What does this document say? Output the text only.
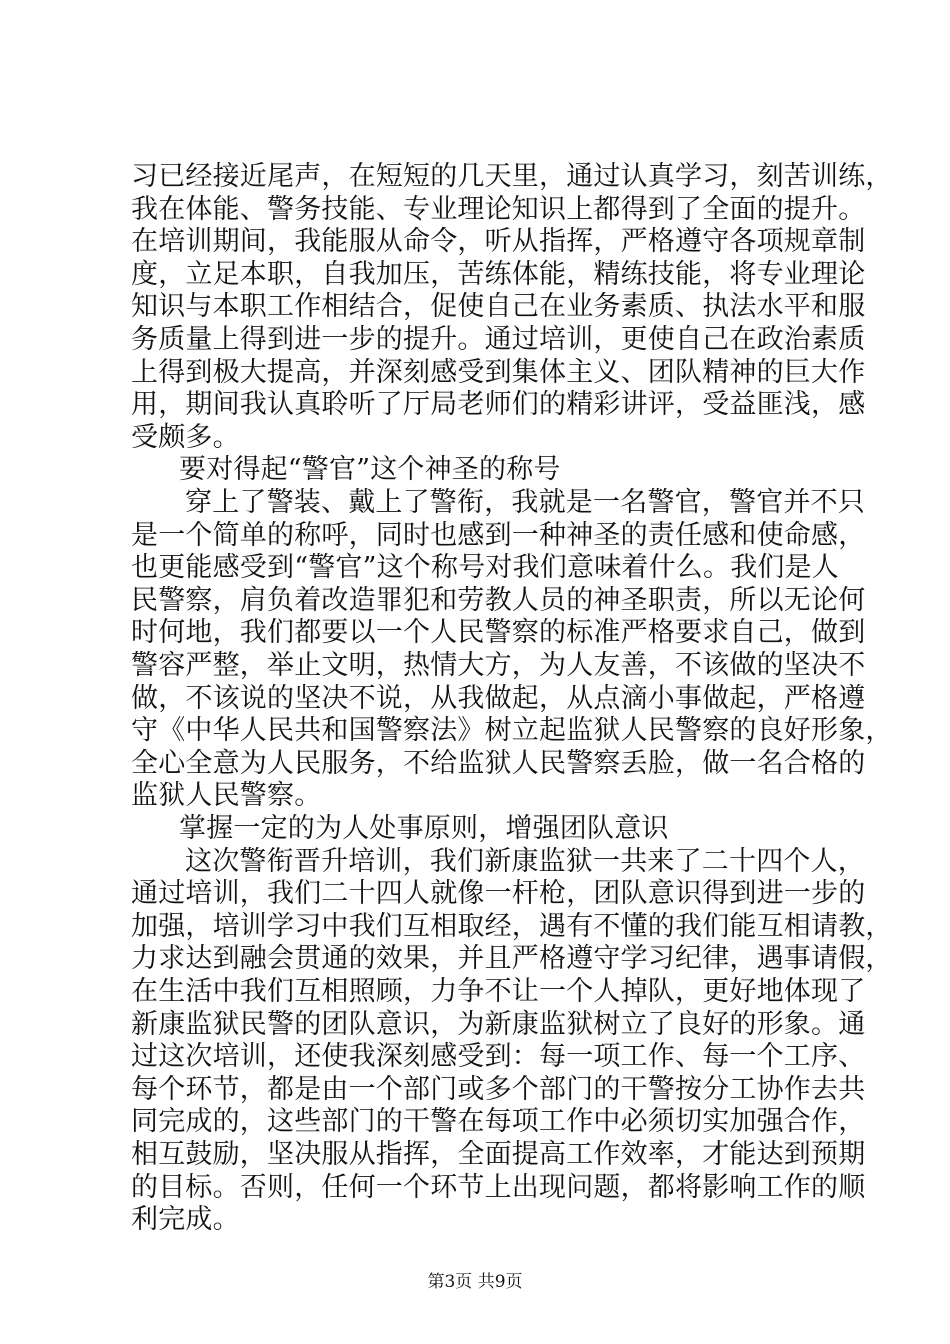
习已经接近尾声，在短短的几天里，通过认真学习，刻苦训练，
我在体能、警务技能、专业理论知识上都得到了全面的提升。
在培训期间，我能服从命令，听从指挥，严格遵守各项规章制
度，立足本职，自我加压，苦练体能，精练技能，将专业理论
知识与本职工作相结合，促使自己在业务素质、执法水平和服
务质量上得到进一步的提升。通过培训，更使自己在政治素质
上得到极大提高，并深刻感受到集体主义、团队精神的巨大作
用，期间我认真聆听了厅局老师们的精彩讲评，受益匪浅，感
受颇多。
要对得起“警官”这个神圣的称号
穿上了警装、戴上了警衔，我就是一名警官，警官并不只
是一个简单的称呼，同时也感到一种神圣的责任感和使命感，
也更能感受到“警官”这个称号对我们意味着什么。我们是人
民警察，肩负着改造罪犯和劳教人员的神圣职责，所以无论何
时何地，我们都要以一个人民警察的标准严格要求自己，做到
警容严整，举止文明，热情大方，为人友善，不该做的坚决不
做，不该说的坚决不说，从我做起，从点滴小事做起，严格遵
守《中华人民共和国警察法》树立起监狱人民警察的良好形象，
全心全意为人民服务，不给监狱人民警察丢脸，做一名合格的
监狱人民警察。
掌握一定的为人处事原则，增强团队意识
这次警衔晋升培训，我们新康监狱一共来了二十四个人，
通过培训，我们二十四人就像一杆枪，团队意识得到进一步的
加强，培训学习中我们互相取经，遇有不懂的我们能互相请教，
力求达到融会贯通的效果，并且严格遵守学习纪律，遇事请假，
在生活中我们互相照顾，力争不让一个人掉队，更好地体现了
新康监狱民警的团队意识，为新康监狱树立了良好的形象。通
过这次培训，还使我深刻感受到：每一项工作、每一个工序、
每个环节，都是由一个部门或多个部门的干警按分工协作去共
同完成的，这些部门的干警在每项工作中必须切实加强合作，
相互鼓励，坚决服从指挥，全面提高工作效率，才能达到预期
的目标。否则，任何一个环节上出现问题，都将影响工作的顺
利完成。
第3页 共9页
